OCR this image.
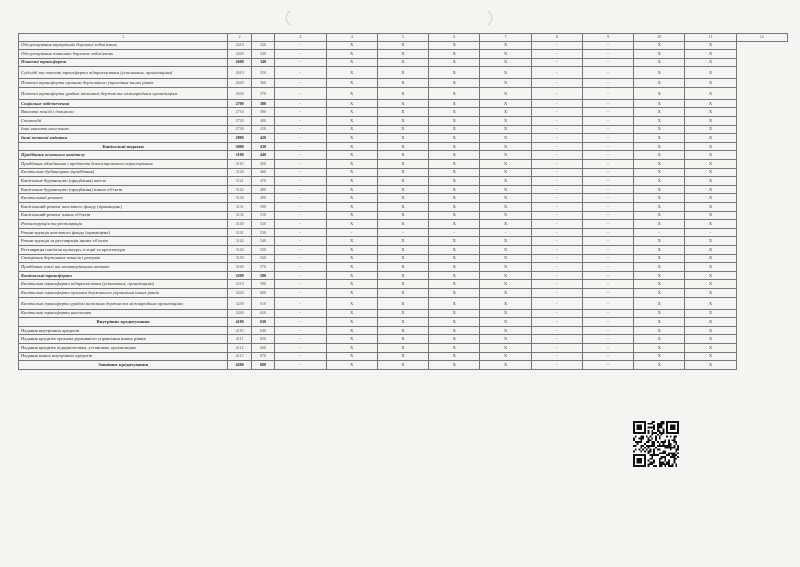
1	2		3	4	5	6	7	8	9	10	11	12
Обслуговування внутрішніх боргових зобов'язань	2410	320	-	X	X	X	X	-	-	X	X	
Обслуговування зовнішніх боргових зобов'язань	2420	330	-	X	X	X	X	-	-	X	X	
Поточні трансферти	2600	340	-	X	X	X	X	-	-	X	X	
Субсидії та поточні трансферти підприємствам (установам, організаціям)	2610	350	-	X	X	X	X	-	-	X	X	
Поточні трансферти органам державного управління інших рівнів	2620	360	-	X	X	X	X	-	-	X	X	
Поточні трансферти урядам іноземних держав та міжнародним організаціям	2630	370	-	X	X	X	X	-	-	X	X	
Соціальне забезпечення	2700	380	-	X	X	X	X	-	-	X	X	
Виплата пенсій і допомоги	2710	390	-	X	X	X	X	-	-	X	X	
Стипендії	2720	400	-	X	X	X	X	-	-	X	X	
Інші виплати населенню	2730	410	-	X	X	X	X	-	-	X	X	
Інші поточні видатки	2800	420	-	X	X	X	X	-	-	X	X	
Капітальні видатки	3000	430	-	X	X	X	X	-	-	X	X	
Придбання основного капіталу	3100	440	-	X	X	X	X	-	-	X	X	
Придбання обладнання і предметів довгострокового користування	3110	450	-	X	X	X	X	-	-	X	X	
Капітальне будівництво (придбання)	3120	460	-	X	X	X	X	-	-	X	X	
Капітальне будівництво (придбання) житла	3121	470	-	X	X	X	X	-	-	X	X	
Капітальне будівництво (придбання) інших об'єктів	3122	480	-	X	X	X	X	-	-	X	X	
Капітальний ремонт	3130	490	-	X	X	X	X	-	-	X	X	
Капітальний ремонт житлового фонду (приміщень)	3131	500	-	X	X	X	X	-	-	X	X	
Капітальний ремонт інших об'єктів	3132	510	-	X	X	X	X	-	-	X	X	
Реконструкція та реставрація	3140	520	-	X	X	X	X	-	-	X	X	
Реконструкція житлового фонду (приміщень)	3141	530	-	-	-	-	-	-	-	-	-	
Реконструкція та реставрація інших об'єктів	3142	540	-	X	X	X	X	-	-	X	X	
Реставрація пам'яток культури, історії та архітектури	3143	550	-	X	X	X	X	-	-	X	X	
Створення державних запасів і резервів	3150	560	-	X	X	X	X	-	-	X	X	
Придбання землі та нематеріальних активів	3160	570	-	X	X	X	X	-	-	X	X	
Капітальні трансферти	3200	580	-	X	X	X	X	-	-	X	X	
Капітальні трансферти підприємствам (установам, організаціям)	3210	590	-	X	X	X	X	-	-	X	X	
Капітальні трансферти органам державного управління інших рівнів	3220	600	-	X	X	X	X	-	-	X	X	
Капітальні трансферти урядам іноземних держав та міжнародним організаціям	3230	610	-	X	X	X	X	-	-	X	X	
Капітальні трансферти населенню	3240	620	-	X	X	X	X	-	-	X	X	
Внутрішнє кредитування	4100	630	-	X	X	X	X	-	-	X	X	
Надання внутрішніх кредитів	4110	640	-	X	X	X	X	-	-	X	X	
Надання кредитів органам державного управління інших рівнів	4111	650	-	X	X	X	X	-	-	X	X	
Надання кредитів підприємствам, установам, організаціям	4112	660	-	X	X	X	X	-	-	X	X	
Надання інших внутрішніх кредитів	4113	670	-	X	X	X	X	-	-	X	X	
Зовнішнє кредитування	4200	680	-	X	X	X	X	-	-	X	X	
